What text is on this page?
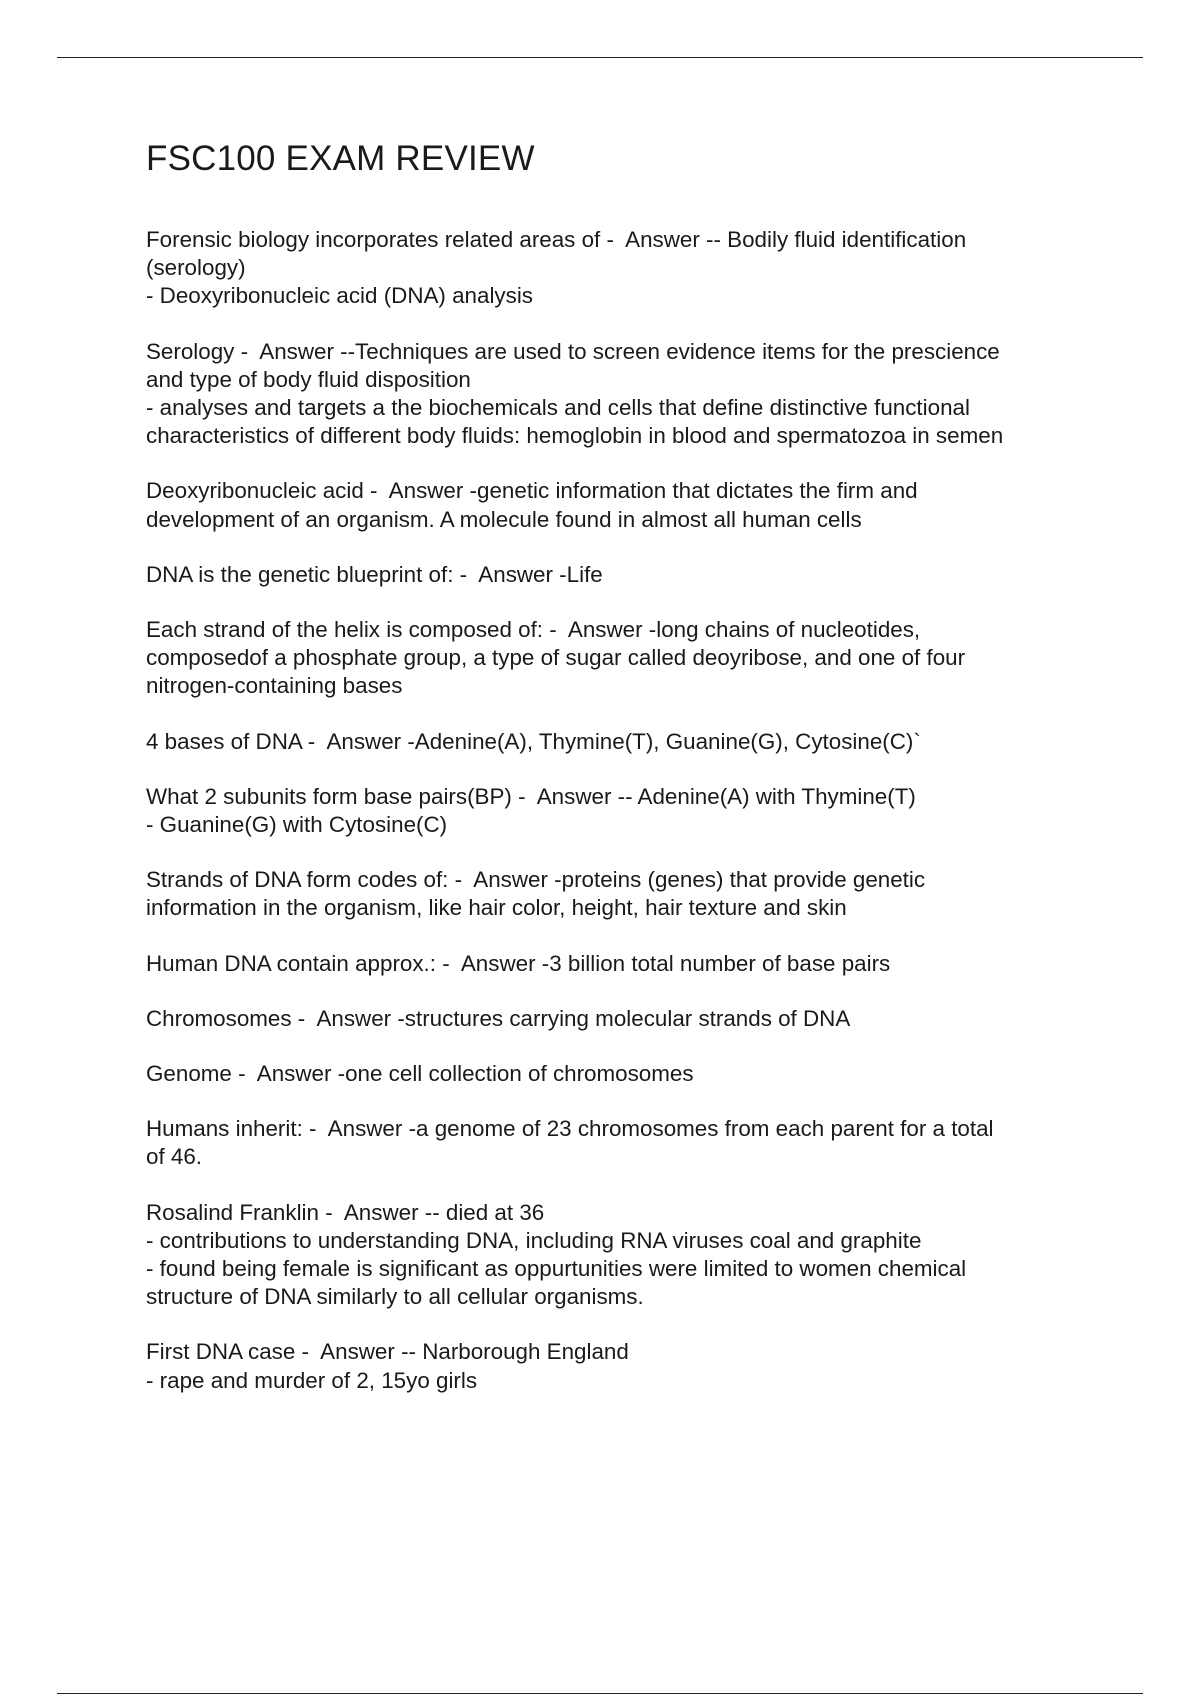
FSC100 EXAM REVIEW
Forensic biology incorporates related areas of -  Answer -- Bodily fluid identification
(serology)
- Deoxyribonucleic acid (DNA) analysis
Serology -  Answer --Techniques are used to screen evidence items for the prescience
and type of body fluid disposition
- analyses and targets a the biochemicals and cells that define distinctive functional
characteristics of different body fluids: hemoglobin in blood and spermatozoa in semen
Deoxyribonucleic acid -  Answer -genetic information that dictates the firm and
development of an organism. A molecule found in almost all human cells
DNA is the genetic blueprint of: -  Answer -Life
Each strand of the helix is composed of: -  Answer -long chains of nucleotides,
composedof a phosphate group, a type of sugar called deoyribose, and one of four
nitrogen-containing bases
4 bases of DNA -  Answer -Adenine(A), Thymine(T), Guanine(G), Cytosine(C)`
What 2 subunits form base pairs(BP) -  Answer -- Adenine(A) with Thymine(T)
- Guanine(G) with Cytosine(C)
Strands of DNA form codes of: -  Answer -proteins (genes) that provide genetic
information in the organism, like hair color, height, hair texture and skin
Human DNA contain approx.: -  Answer -3 billion total number of base pairs
Chromosomes -  Answer -structures carrying molecular strands of DNA
Genome -  Answer -one cell collection of chromosomes
Humans inherit: -  Answer -a genome of 23 chromosomes from each parent for a total
of 46.
Rosalind Franklin -  Answer -- died at 36
- contributions to understanding DNA, including RNA viruses coal and graphite
- found being female is significant as oppurtunities were limited to women chemical
structure of DNA similarly to all cellular organisms.
First DNA case -  Answer -- Narborough England
- rape and murder of 2, 15yo girls
